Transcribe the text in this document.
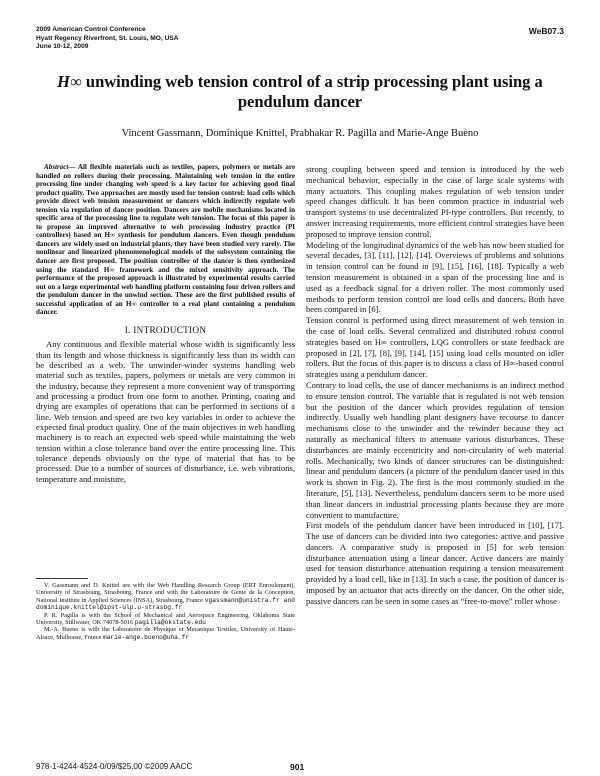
2009 American Control Conference
Hyatt Regency Riverfront, St. Louis, MO, USA
June 10-12, 2009
WeB07.3
H∞ unwinding web tension control of a strip processing plant using a pendulum dancer
Vincent Gassmann, Dominique Knittel, Prabhakar R. Pagilla and Marie-Ange Bueno

Abstract— All flexible materials such as textiles, papers, polymers or metals are handled on rollers during their processing. Maintaining web tension in the entire processing line under changing web speed is a key factor for achieving good final product quality. Two approaches are mostly used for tension control: load cells which provide direct web tension measurement or dancers which indirectly regulate web tension via regulation of dancer position. Dancers are mobile mechanisms located in specific area of the processing line to regulate web tension. The focus of this paper is to propose an improved alternative to web processing industry practice (PI controllers) based on H∞ synthesis for pendulum dancers. Even though pendulum dancers are widely used on industrial plants, they have been studied very rarely. The nonlinear and linearized phenomenological models of the subsystem containing the dancer are first proposed. The position controller of the dancer is then synthesized using the standard H∞ framework and the mixed sensitivity approach. The performance of the proposed approach is illustrated by experimental results carried out on a large experimental web handling platform containing four driven rollers and the pendulum dancer in the unwind section. These are the first published results of successful application of an H∞ controller to a real plant containing a pendulum dancer.

I. INTRODUCTION

Any continuous and flexible material whose width is significantly less than its length and whose thickness is significantly less than its width can be described as a web. The unwinder-winder systems handling web material such as textiles, papers, polymers or metals are very common in the industry, because they represent a more convenient way of transporting and processing a product from one form to another. Printing, coating and drying are examples of operations that can be performed in sections of a line. Web tension and speed are two key variables in order to achieve the expected final product quality. One of the main objectives in web handling machinery is to reach an expected web speed while maintaining the web tension within a close tolerance band over the entire processing line. This tolerance depends obviously on the type of material that has to be processed. Due to a number of sources of disturbance, i.e. web vibrations, temperature and moisture,

V. Gassmann and D. Knittel are with the Web Handling Research Group (ERT Enroulement), University of Strasbourg, Strasbourg, France and with the Laboratoire de Genie de la Conception, National Institute in Applied Sciences (INSA), Strasbourg, France vgassmann@unistra.fr and dominique.knittel@ipst-ulp.u-strasbg.fr

P. R. Pagilla is with the School of Mechanical and Aerospace Engineering, Oklahoma State University, Stillwater, OK 74078-5016 pagilla@okstate.edu

M.-A. Bueno is with the Laboratoire de Physique et Mecanique Textiles, University of Haute-Alsace, Mulhouse, France marie-ange.bueno@uha.fr

strong coupling between speed and tension is introduced by the web mechanical behavior, especially in the case of large scale systems with many actuators. This coupling makes regulation of web tension under speed changes difficult. It has been common practice in industrial web transport systems to use decentralized PI-type controllers. But recently, to answer increasing requirements, more efficient control strategies have been proposed to improve tension control.

Modeling of the longitudinal dynamics of the web has now been studied for several decades, [3], [11], [12], [14]. Overviews of problems and solutions in tension control can be found in [9], [15], [16], [18]. Typically a web tension measurement is obtained in a span of the processing line and is used as a feedback signal for a driven roller. The most commonly used methods to perform tension control are load cells and dancers. Both have been compared in [6].

Tension control is performed using direct measurement of web tension in the case of load cells. Several centralized and distributed robust control strategies based on H∞ controllers, LQG controllers or state feedback are proposed in [2], [7], [8], [9], [14], [15] using load cells mounted on idler rollers. But the focus of this paper is to discuss a class of H∞-based control strategies using a pendulum dancer.

Contrary to load cells, the use of dancer mechanisms is an indirect method to ensure tension control. The variable that is regulated is not web tension but the position of the dancer which provides regulation of tension indirectly. Usually web handling plant designers have recourse to dancer mechanisms close to the unwinder and the rewinder because they act naturally as mechanical filters to attenuate various disturbances. These disturbances are mainly eccentricity and non-circularity of web material rolls. Mechanically, two kinds of dancer structures can be distinguished: linear and pendulum dancers (a picture of the pendulum dancer used in this work is shown in Fig. 2). The first is the most commonly studied in the literature, [5], [13]. Nevertheless, pendulum dancers seem to be more used than linear dancers in industrial processing plants because they are more convenient to manufacture.

First models of the pendulum dancer have been introduced in [10], [17]. The use of dancers can be divided into two categories: active and passive dancers. A comparative study is proposed in [5] for web tension disturbance attenuation using a linear dancer. Active dancers are mainly used for tension disturbance attenuation requiring a tension measurement provided by a load cell, like in [13]. In such a case, the position of dancer is imposed by an actuator that acts directly on the dancer. On the other side, passive dancers can be seen in some cases as “free-to-move” roller whose

978-1-4244-4524-0/09/$25.00 ©2009 AACC	901
